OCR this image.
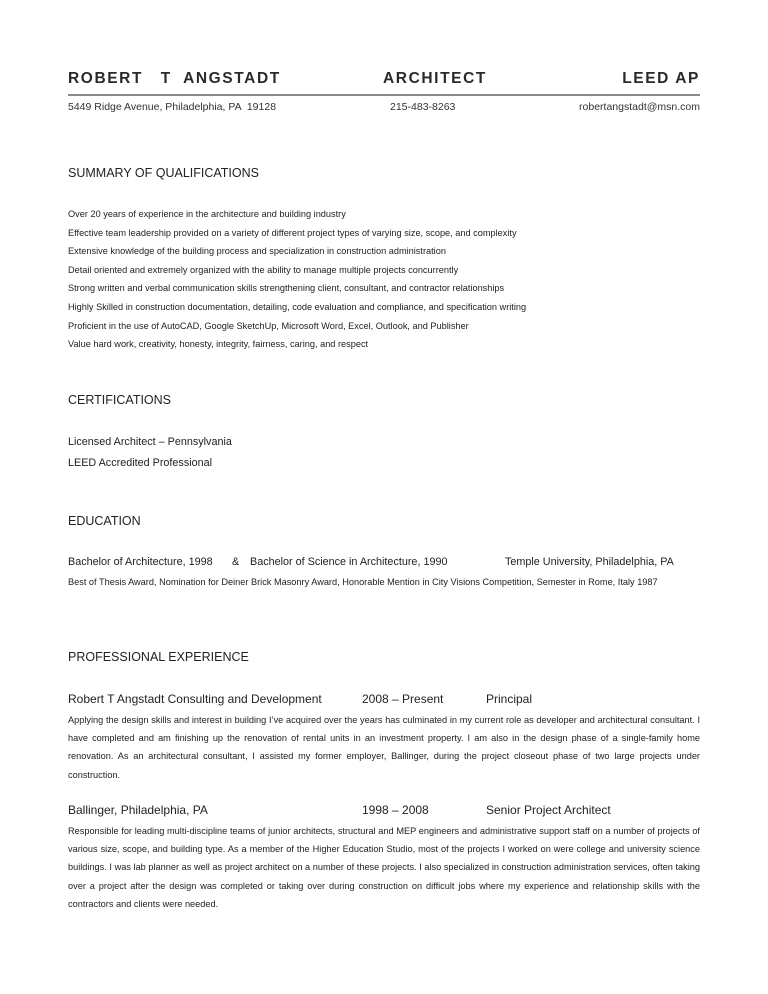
ROBERT   T  ANGSTADT	ARCHITECT	LEED AP
5449 Ridge Avenue, Philadelphia, PA  19128	215-483-8263	robertangstadt@msn.com
SUMMARY OF QUALIFICATIONS
Over 20 years of experience in the architecture and building industry
Effective team leadership provided on a variety of different project types of varying size, scope, and complexity
Extensive knowledge of the building process and specialization in construction administration
Detail oriented and extremely organized with the ability to manage multiple projects concurrently
Strong written and verbal communication skills strengthening client, consultant, and contractor relationships
Highly Skilled in construction documentation, detailing, code evaluation and compliance, and specification writing
Proficient in the use of AutoCAD, Google SketchUp, Microsoft Word, Excel, Outlook, and Publisher
Value hard work, creativity, honesty, integrity, fairness, caring, and respect
CERTIFICATIONS
Licensed Architect – Pennsylvania
LEED Accredited Professional
EDUCATION
Bachelor of Architecture, 1998 & Bachelor of Science in Architecture, 1990	Temple University, Philadelphia, PA
Best of Thesis Award, Nomination for Deiner Brick Masonry Award, Honorable Mention in City Visions Competition, Semester in Rome, Italy 1987
PROFESSIONAL EXPERIENCE
Robert T Angstadt Consulting and Development	2008 – Present	Principal
Applying the design skills and interest in building I’ve acquired over the years has culminated in my current role as developer and architectural consultant. I have completed and am finishing up the renovation of rental units in an investment property. I am also in the design phase of a single-family home renovation. As an architectural consultant, I assisted my former employer, Ballinger, during the project closeout phase of two large projects under construction.
Ballinger, Philadelphia, PA	1998 – 2008	Senior Project Architect
Responsible for leading multi-discipline teams of junior architects, structural and MEP engineers and administrative support staff on a number of projects of various size, scope, and building type. As a member of the Higher Education Studio, most of the projects I worked on were college and university science buildings. I was lab planner as well as project architect on a number of these projects. I also specialized in construction administration services, often taking over a project after the design was completed or taking over during construction on difficult jobs where my experience and relationship skills with the contractors and clients were needed.
